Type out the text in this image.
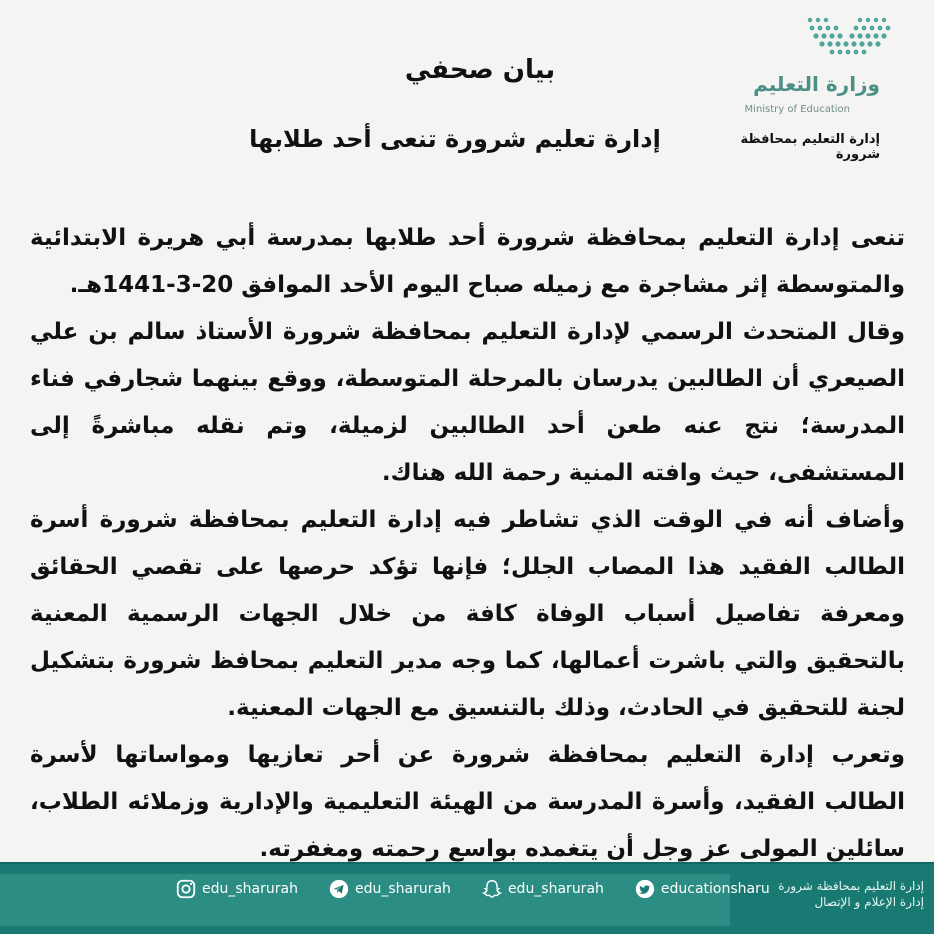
وزارة التعليم
Ministry of Education
إدارة التعليم بمحافظة شرورة
بيان صحفي
إدارة تعليم شرورة تنعى أحد طلابها

تنعى إدارة التعليم بمحافظة شرورة أحد طلابها بمدرسة أبي هريرة الابتدائية والمتوسطة إثر مشاجرة مع زميله صباح اليوم الأحد الموافق 20-3-1441هـ.

وقال المتحدث الرسمي لإدارة التعليم بمحافظة شرورة الأستاذ سالم بن علي الصيعري أن الطالبين يدرسان بالمرحلة المتوسطة، ووقع بينهما شجارفي فناء المدرسة؛ نتج عنه طعن أحد الطالبين لزميلة، وتم نقله مباشرةً إلى المستشفى، حيث وافته المنية رحمة الله هناك.

وأضاف أنه في الوقت الذي تشاطر فيه إدارة التعليم بمحافظة شرورة أسرة الطالب الفقيد هذا المصاب الجلل؛ فإنها تؤكد حرصها على تقصي الحقائق ومعرفة تفاصيل أسباب الوفاة كافة من خلال الجهات الرسمية المعنية بالتحقيق والتي باشرت أعمالها، كما وجه مدير التعليم بمحافظ شرورة بتشكيل لجنة للتحقيق في الحادث، وذلك بالتنسيق مع الجهات المعنية.

وتعرب إدارة التعليم بمحافظة شرورة عن أحر تعازيها ومواساتها لأسرة الطالب الفقيد، وأسرة المدرسة من الهيئة التعليمية والإدارية وزملائه الطلاب، سائلين المولى عز وجل أن يتغمده بواسع رحمته ومغفرته.

edu_sharurah	edu_sharurah	edu_sharurah	educationsharu إدارة التعليم بمحافظة شرورة
إدارة الإعلام و الإتصال
